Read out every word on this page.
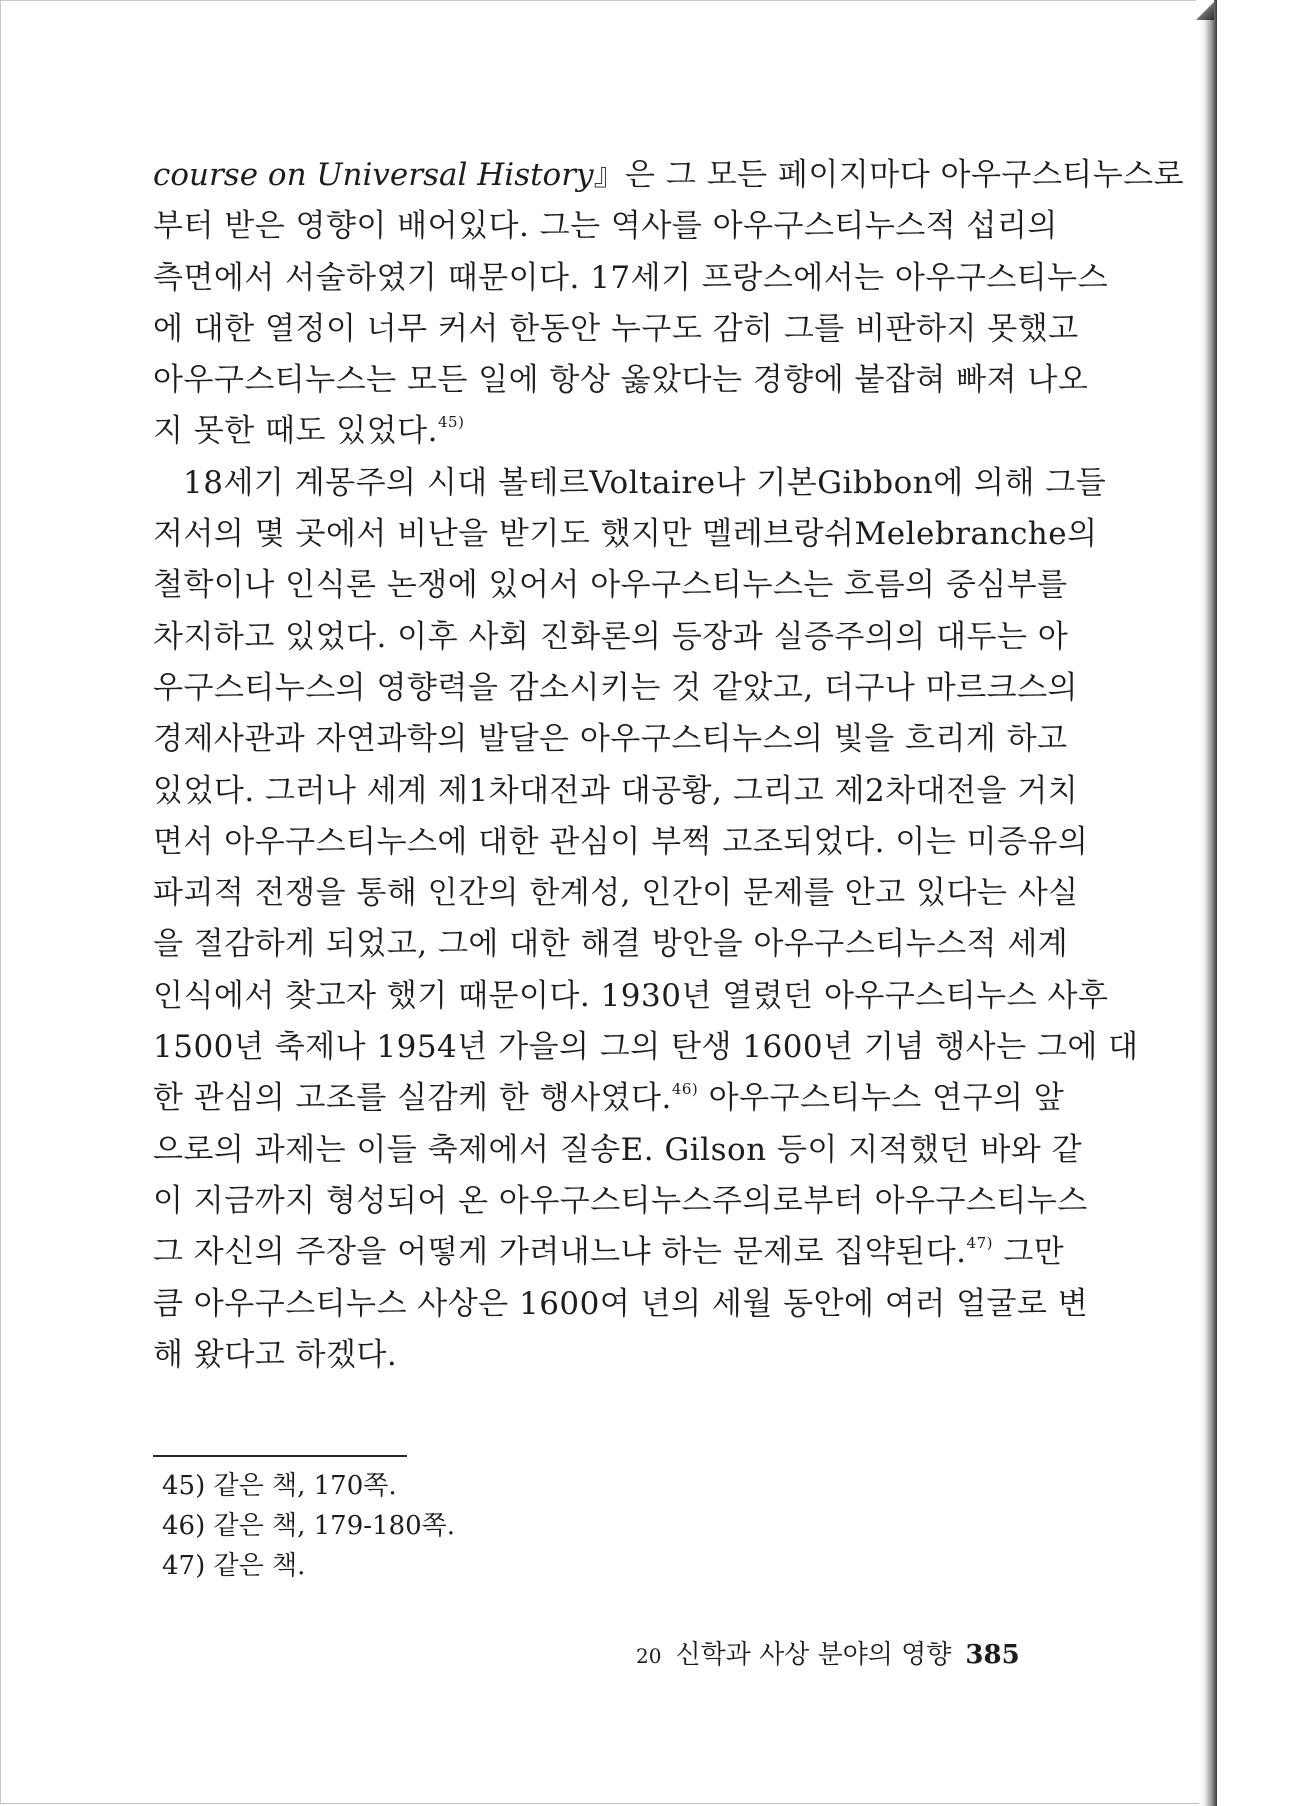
course on Universal History』은 그 모든 페이지마다 아우구스티누스로
부터 받은 영향이 배어있다. 그는 역사를 아우구스티누스적 섭리의
측면에서 서술하였기 때문이다. 17세기 프랑스에서는 아우구스티누스
에 대한 열정이 너무 커서 한동안 누구도 감히 그를 비판하지 못했고
아우구스티누스는 모든 일에 항상 옳았다는 경향에 붙잡혀 빠져 나오
지 못한 때도 있었다.$^{45)}$
18세기 계몽주의 시대 볼테르Voltaire나 기본Gibbon에 의해 그들
저서의 몇 곳에서 비난을 받기도 했지만 멜레브랑쉬Melebranche의
철학이나 인식론 논쟁에 있어서 아우구스티누스는 흐름의 중심부를
차지하고 있었다. 이후 사회 진화론의 등장과 실증주의의 대두는 아
우구스티누스의 영향력을 감소시키는 것 같았고, 더구나 마르크스의
경제사관과 자연과학의 발달은 아우구스티누스의 빛을 흐리게 하고
있었다. 그러나 세계 제1차대전과 대공황, 그리고 제2차대전을 거치
면서 아우구스티누스에 대한 관심이 부쩍 고조되었다. 이는 미증유의
파괴적 전쟁을 통해 인간의 한계성, 인간이 문제를 안고 있다는 사실
을 절감하게 되었고, 그에 대한 해결 방안을 아우구스티누스적 세계
인식에서 찾고자 했기 때문이다. 1930년 열렸던 아우구스티누스 사후
1500년 축제나 1954년 가을의 그의 탄생 1600년 기념 행사는 그에 대
한 관심의 고조를 실감케 한 행사였다.$^{46)}$ 아우구스티누스 연구의 앞
으로의 과제는 이들 축제에서 질송E. Gilson 등이 지적했던 바와 같
이 지금까지 형성되어 온 아우구스티누스주의로부터 아우구스티누스
그 자신의 주장을 어떻게 가려내느냐 하는 문제로 집약된다.$^{47)}$ 그만
큼 아우구스티누스 사상은 1600여 년의 세월 동안에 여러 얼굴로 변
해 왔다고 하겠다.
45) 같은 책, 170쪽.
46) 같은 책, 179-180쪽.
47) 같은 책.
20 신학과 사상 분야의 영향 385
